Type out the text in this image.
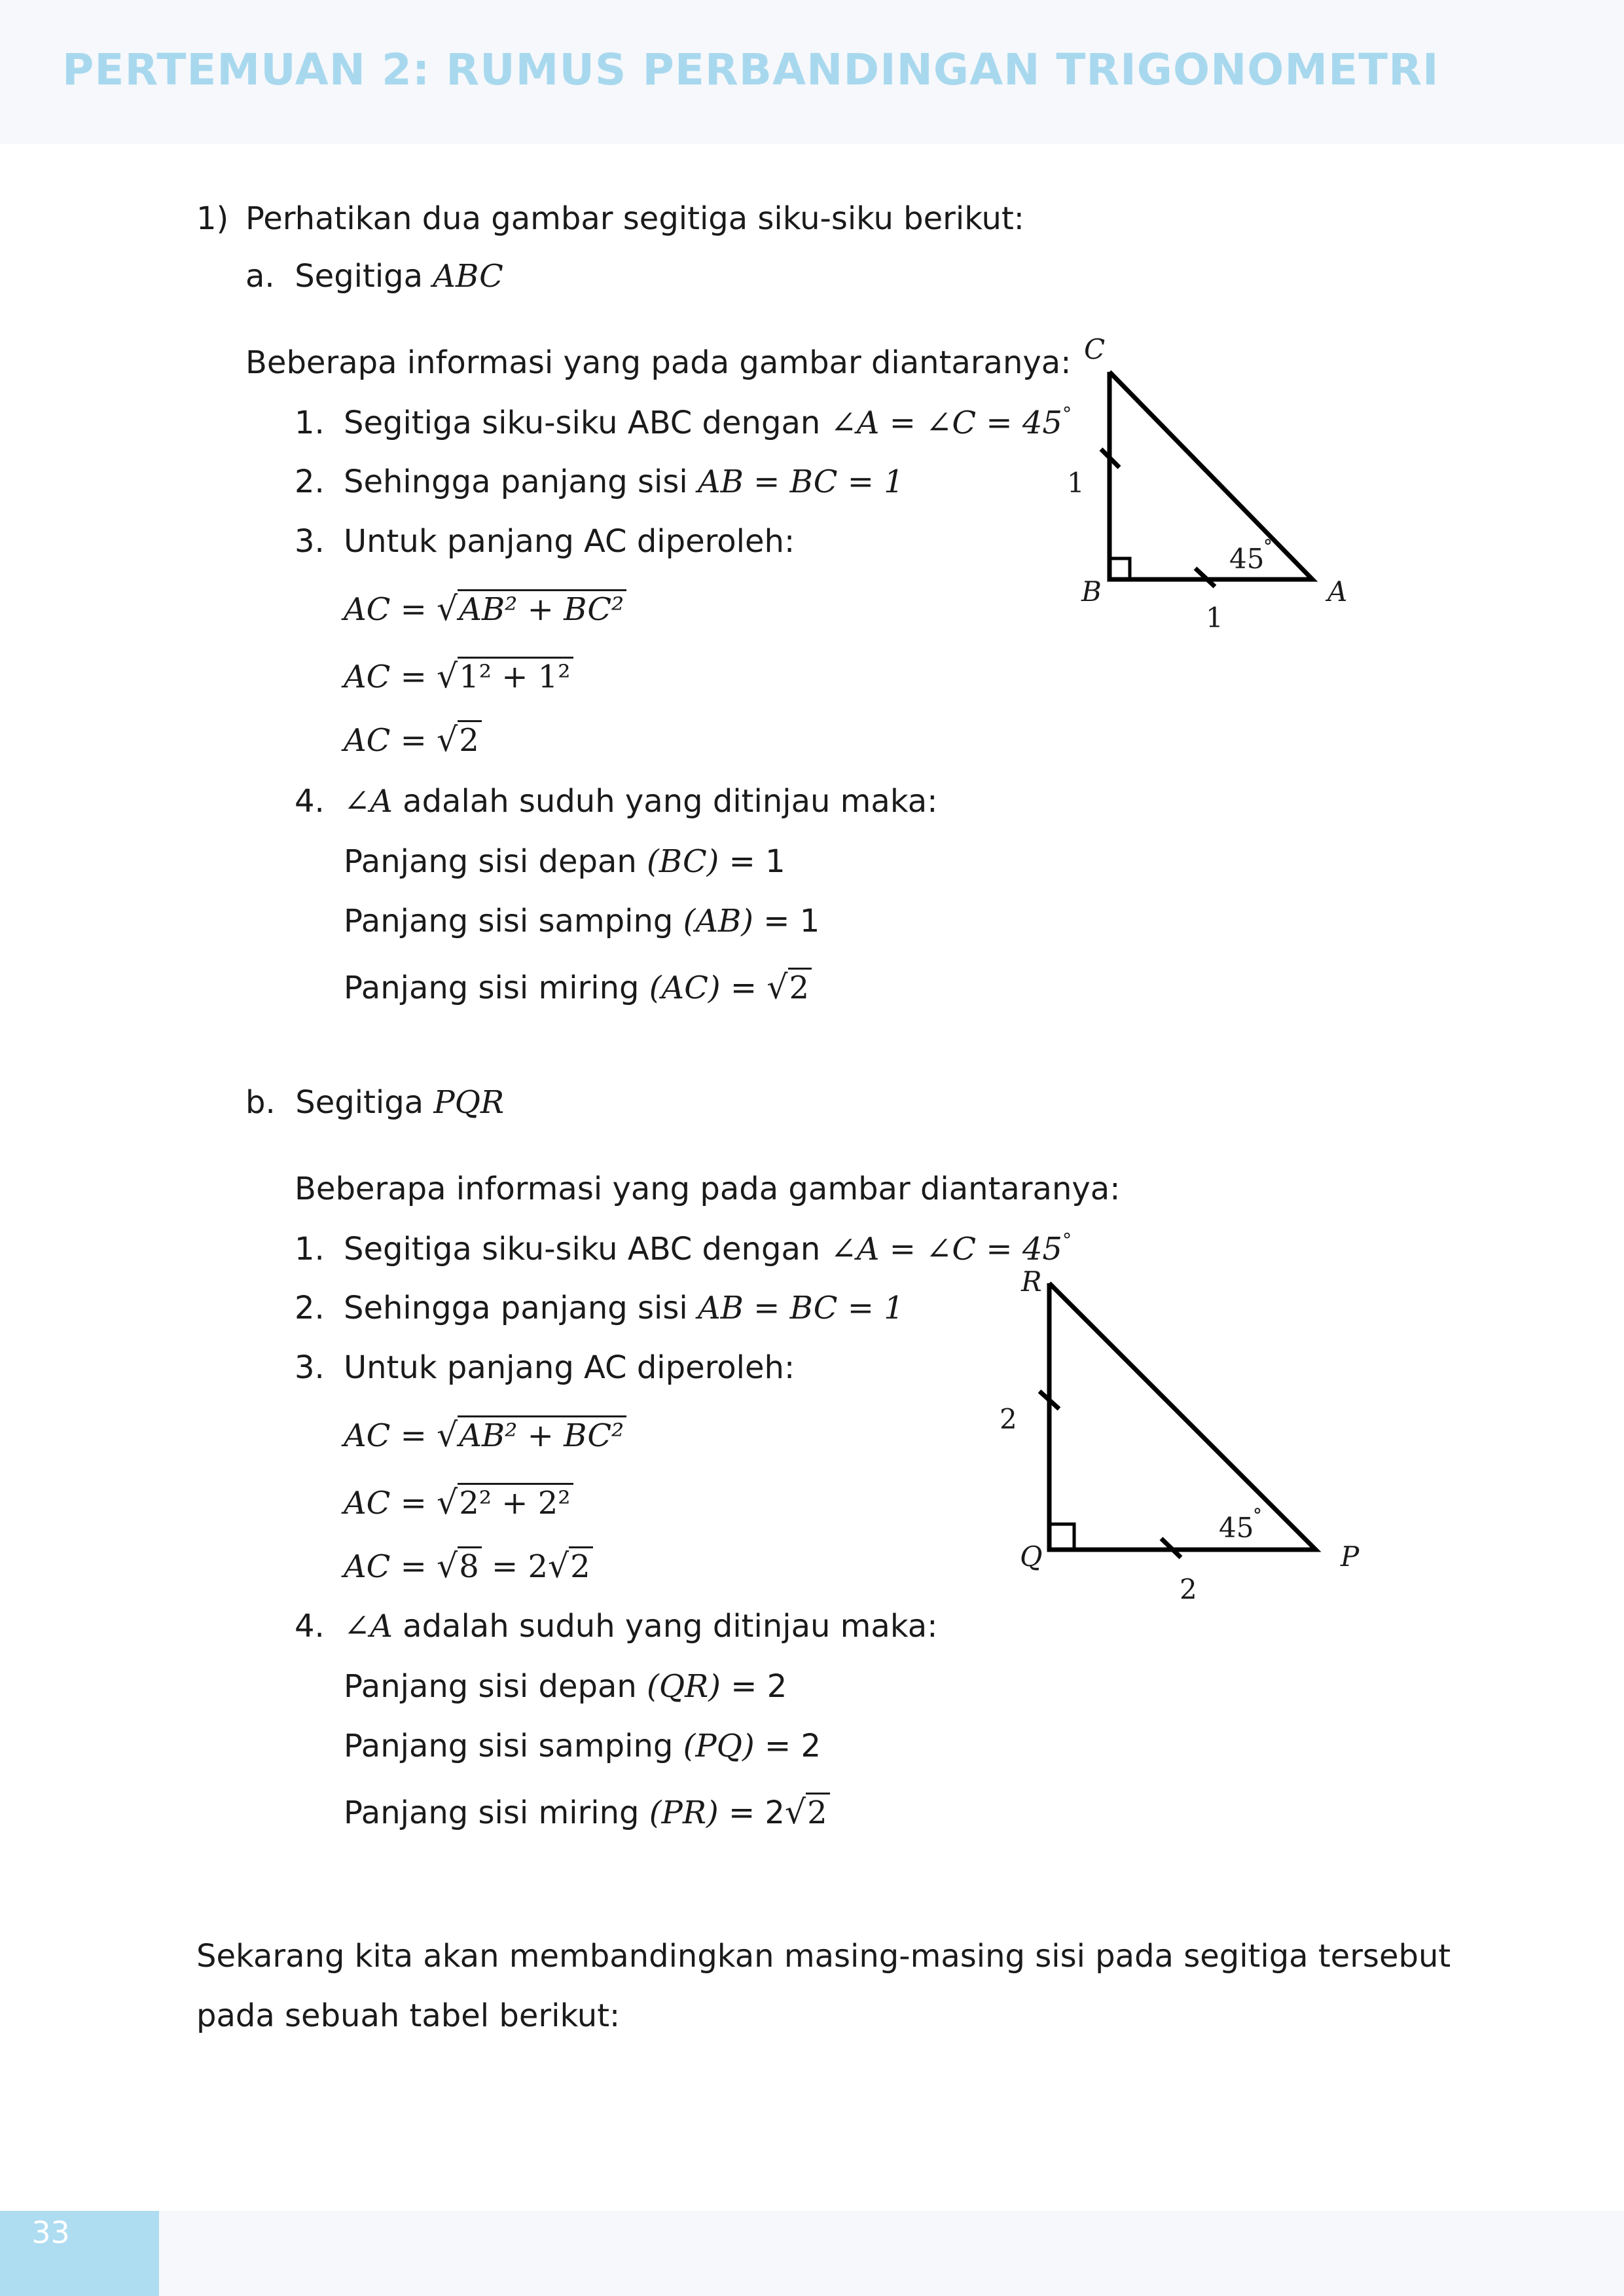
PERTEMUAN 2: RUMUS PERBANDINGAN TRIGONOMETRI
1) Perhatikan dua gambar segitiga siku-siku berikut:
a. Segitiga ABC
Beberapa informasi yang pada gambar diantaranya:
1. Segitiga siku-siku ABC dengan ∠A = ∠C = 45°
2. Sehingga panjang sisi AB = BC = 1
3. Untuk panjang AC diperoleh:
AC = √AB² + BC²
AC = √1² + 1²
AC = √2
4. ∠A adalah suduh yang ditinjau maka:
Panjang sisi depan (BC) = 1
Panjang sisi samping (AB) = 1
Panjang sisi miring (AC) = √2
C
B	A
1
1
45
°
b. Segitiga PQR
Beberapa informasi yang pada gambar diantaranya:
1. Segitiga siku-siku ABC dengan ∠A = ∠C = 45°
2. Sehingga panjang sisi AB = BC = 1
3. Untuk panjang AC diperoleh:
AC = √AB² + BC²
AC = √2² + 2²
AC = √8 = 2√2
4. ∠A adalah suduh yang ditinjau maka:
Panjang sisi depan (QR) = 2
Panjang sisi samping (PQ) = 2
Panjang sisi miring (PR) = 2√2
R
Q	P
2
2
45
°
Sekarang kita akan membandingkan masing-masing sisi pada segitiga tersebut
pada sebuah tabel berikut:
33
